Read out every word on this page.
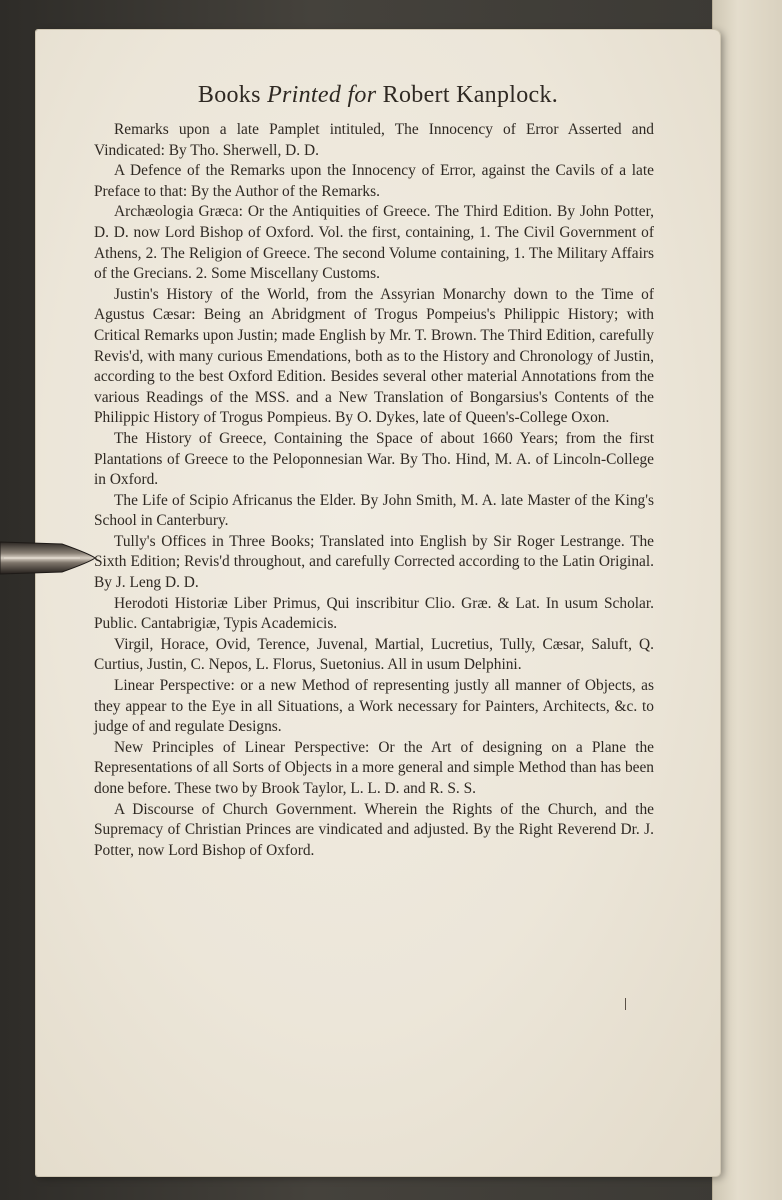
Books Printed for Robert Kanplock.

Remarks upon a late Pamplet intituled, The Innocency of Error Asserted and Vindicated: By Tho. Sherwell, D. D.

A Defence of the Remarks upon the Innocency of Error, against the Cavils of a late Preface to that: By the Author of the Remarks.

Archæologia Græca: Or the Antiquities of Greece. The Third Edition. By John Potter, D. D. now Lord Bishop of Oxford. Vol. the first, containing, 1. The Civil Government of Athens, 2. The Religion of Greece. The second Volume containing, 1. The Military Affairs of the Grecians. 2. Some Miscellany Customs.

Justin's History of the World, from the Assyrian Monarchy down to the Time of Agustus Cæsar: Being an Abridgment of Trogus Pompeius's Philippic History; with Critical Remarks upon Justin; made English by Mr. T. Brown. The Third Edition, carefully Revis'd, with many curious Emendations, both as to the History and Chronology of Justin, according to the best Oxford Edition. Besides several other material Annotations from the various Readings of the MSS. and a New Translation of Bongarsius's Contents of the Philippic History of Trogus Pompieus. By O. Dykes, late of Queen's-College Oxon.

The History of Greece, Containing the Space of about 1660 Years; from the first Plantations of Greece to the Peloponnesian War. By Tho. Hind, M. A. of Lincoln-College in Oxford.

The Life of Scipio Africanus the Elder. By John Smith, M. A. late Master of the King's School in Canterbury.

Tully's Offices in Three Books; Translated into English by Sir Roger Lestrange. The Sixth Edition; Revis'd throughout, and carefully Corrected according to the Latin Original. By J. Leng D. D.

Herodoti Historiæ Liber Primus, Qui inscribitur Clio. Græ. & Lat. In usum Scholar. Public. Cantabrigiæ, Typis Academicis.

Virgil, Horace, Ovid, Terence, Juvenal, Martial, Lucretius, Tully, Cæsar, Saluft, Q. Curtius, Justin, C. Nepos, L. Florus, Suetonius. All in usum Delphini.

Linear Perspective: or a new Method of representing justly all manner of Objects, as they appear to the Eye in all Situations, a Work necessary for Painters, Architects, &c. to judge of and regulate Designs.

New Principles of Linear Perspective: Or the Art of designing on a Plane the Representations of all Sorts of Objects in a more general and simple Method than has been done before. These two by Brook Taylor, L. L. D. and R. S. S.

A Discourse of Church Government. Wherein the Rights of the Church, and the Supremacy of Christian Princes are vindicated and adjusted. By the Right Reverend Dr. J. Potter, now Lord Bishop of Oxford.
